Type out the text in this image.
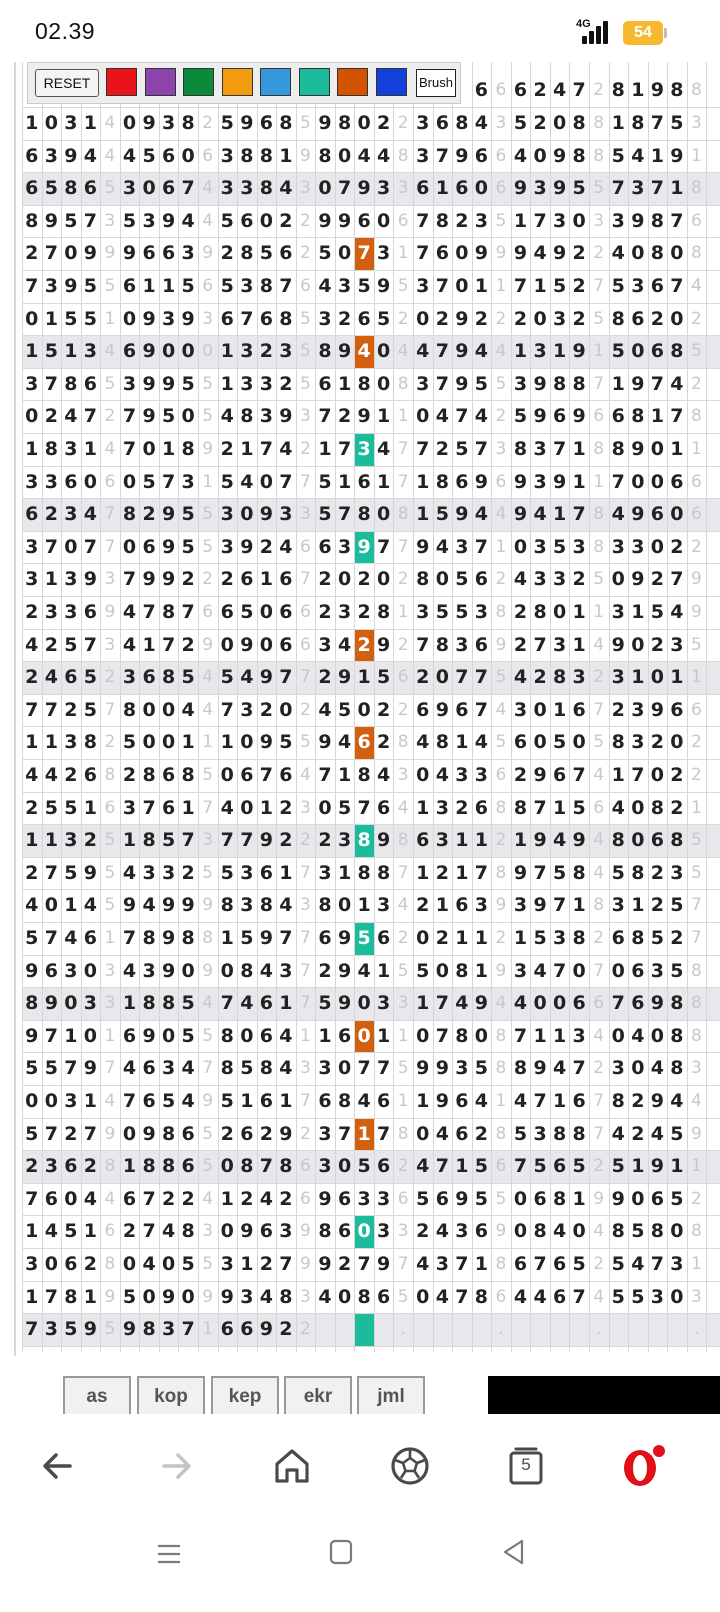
02.39	4G	54
6 6 6 2 4 7 2 8 1 9 8 8
1 0 3 1 4 0 9 3 8 2 5 9 6 8 5 9 8 0 2 2 3 6 8 4 3 5 2 0 8 8 1 8 7 5 3
6 3 9 4 4 4 5 6 0 6 3 8 8 1 9 8 0 4 4 8 3 7 9 6 6 4 0 9 8 8 5 4 1 9 1
6 5 8 6 5 3 0 6 7 4 3 3 8 4 3 0 7 9 3 3 6 1 6 0 6 9 3 9 5 5 7 3 7 1 8
8 9 5 7 3 5 3 9 4 4 5 6 0 2 2 9 9 6 0 6 7 8 2 3 5 1 7 3 0 3 3 9 8 7 6
2 7 0 9 9 9 6 6 3 9 2 8 5 6 2 5 0 7 3 1 7 6 0 9 9 9 4 9 2 2 4 0 8 0 8
7 3 9 5 5 6 1 1 5 6 5 3 8 7 6 4 3 5 9 5 3 7 0 1 1 7 1 5 2 7 5 3 6 7 4
0 1 5 5 1 0 9 3 9 3 6 7 6 8 5 3 2 6 5 2 0 2 9 2 2 2 0 3 2 5 8 6 2 0 2
1 5 1 3 4 6 9 0 0 0 1 3 2 3 5 8 9 4 0 4 4 7 9 4 4 1 3 1 9 1 5 0 6 8 5
3 7 8 6 5 3 9 9 5 5 1 3 3 2 5 6 1 8 0 8 3 7 9 5 5 3 9 8 8 7 1 9 7 4 2
0 2 4 7 2 7 9 5 0 5 4 8 3 9 3 7 2 9 1 1 0 4 7 4 2 5 9 6 9 6 6 8 1 7 8
1 8 3 1 4 7 0 1 8 9 2 1 7 4 2 1 7 3 4 7 7 2 5 7 3 8 3 7 1 8 8 9 0 1 1
3 3 6 0 6 0 5 7 3 1 5 4 0 7 7 5 1 6 1 7 1 8 6 9 6 9 3 9 1 1 7 0 0 6 6
6 2 3 4 7 8 2 9 5 5 3 0 9 3 3 5 7 8 0 8 1 5 9 4 4 9 4 1 7 8 4 9 6 0 6
3 7 0 7 7 0 6 9 5 5 3 9 2 4 6 6 3 9 7 7 9 4 3 7 1 0 3 5 3 8 3 3 0 2 2
3 1 3 9 3 7 9 9 2 2 2 6 1 6 7 2 0 2 0 2 8 0 5 6 2 4 3 3 2 5 0 9 2 7 9
2 3 3 6 9 4 7 8 7 6 6 5 0 6 6 2 3 2 8 1 3 5 5 3 8 2 8 0 1 1 3 1 5 4 9
4 2 5 7 3 4 1 7 2 9 0 9 0 6 6 3 4 2 9 2 7 8 3 6 9 2 7 3 1 4 9 0 2 3 5
2 4 6 5 2 3 6 8 5 4 5 4 9 7 7 2 9 1 5 6 2 0 7 7 5 4 2 8 3 2 3 1 0 1 1
7 7 2 5 7 8 0 0 4 4 7 3 2 0 2 4 5 0 2 2 6 9 6 7 4 3 0 1 6 7 2 3 9 6 6
1 1 3 8 2 5 0 0 1 1 1 0 9 5 5 9 4 6 2 8 4 8 1 4 5 6 0 5 0 5 8 3 2 0 2
4 4 2 6 8 2 8 6 8 5 0 6 7 6 4 7 1 8 4 3 0 4 3 3 6 2 9 6 7 4 1 7 0 2 2
2 5 5 1 6 3 7 6 1 7 4 0 1 2 3 0 5 7 6 4 1 3 2 6 8 8 7 1 5 6 4 0 8 2 1
1 1 3 2 5 1 8 5 7 3 7 7 9 2 2 2 3 8 9 8 6 3 1 1 2 1 9 4 9 4 8 0 6 8 5
2 7 5 9 5 4 3 3 2 5 5 3 6 1 7 3 1 8 8 7 1 2 1 7 8 9 7 5 8 4 5 8 2 3 5
4 0 1 4 5 9 4 9 9 9 8 3 8 4 3 8 0 1 3 4 2 1 6 3 9 3 9 7 1 8 3 1 2 5 7
5 7 4 6 1 7 8 9 8 8 1 5 9 7 7 6 9 5 6 2 0 2 1 1 2 1 5 3 8 2 6 8 5 2 7
9 6 3 0 3 4 3 9 0 9 0 8 4 3 7 2 9 4 1 5 5 0 8 1 9 3 4 7 0 7 0 6 3 5 8
8 9 0 3 3 1 8 8 5 4 7 4 6 1 7 5 9 0 3 3 1 7 4 9 4 4 0 0 6 6 7 6 9 8 8
9 7 1 0 1 6 9 0 5 5 8 0 6 4 1 1 6 0 1 1 0 7 8 0 8 7 1 1 3 4 0 4 0 8 8
5 5 7 9 7 4 6 3 4 7 8 5 8 4 3 3 0 7 7 5 9 9 3 5 8 8 9 4 7 2 3 0 4 8 3
0 0 3 1 4 7 6 5 4 9 5 1 6 1 7 6 8 4 6 1 1 9 6 4 1 4 7 1 6 7 8 2 9 4 4
5 7 2 7 9 0 9 8 6 5 2 6 2 9 2 3 7 1 7 8 0 4 6 2 8 5 3 8 8 7 4 2 4 5 9
2 3 6 2 8 1 8 8 6 5 0 8 7 8 6 3 0 5 6 2 4 7 1 5 6 7 5 6 5 2 5 1 9 1 1
7 6 0 4 4 6 7 2 2 4 1 2 4 2 6 9 6 3 3 6 5 6 9 5 5 0 6 8 1 9 9 0 6 5 2
1 4 5 1 6 2 7 4 8 3 0 9 6 3 9 8 6 0 3 3 2 4 3 6 9 0 8 4 0 4 8 5 8 0 8
3 0 6 2 8 0 4 0 5 5 3 1 2 7 9 9 2 7 9 7 4 3 7 1 8 6 7 6 5 2 5 4 7 3 1
1 7 8 1 9 5 0 9 0 9 9 3 4 8 3 4 0 8 6 5 0 4 7 8 6 4 4 6 7 4 5 5 3 0 3
7 3 5 9 5 9 8 3 7 1 6 6 9 2 2	.	.	.	.
RESET	Brush
as	kop	kep	ekr	jml
5
